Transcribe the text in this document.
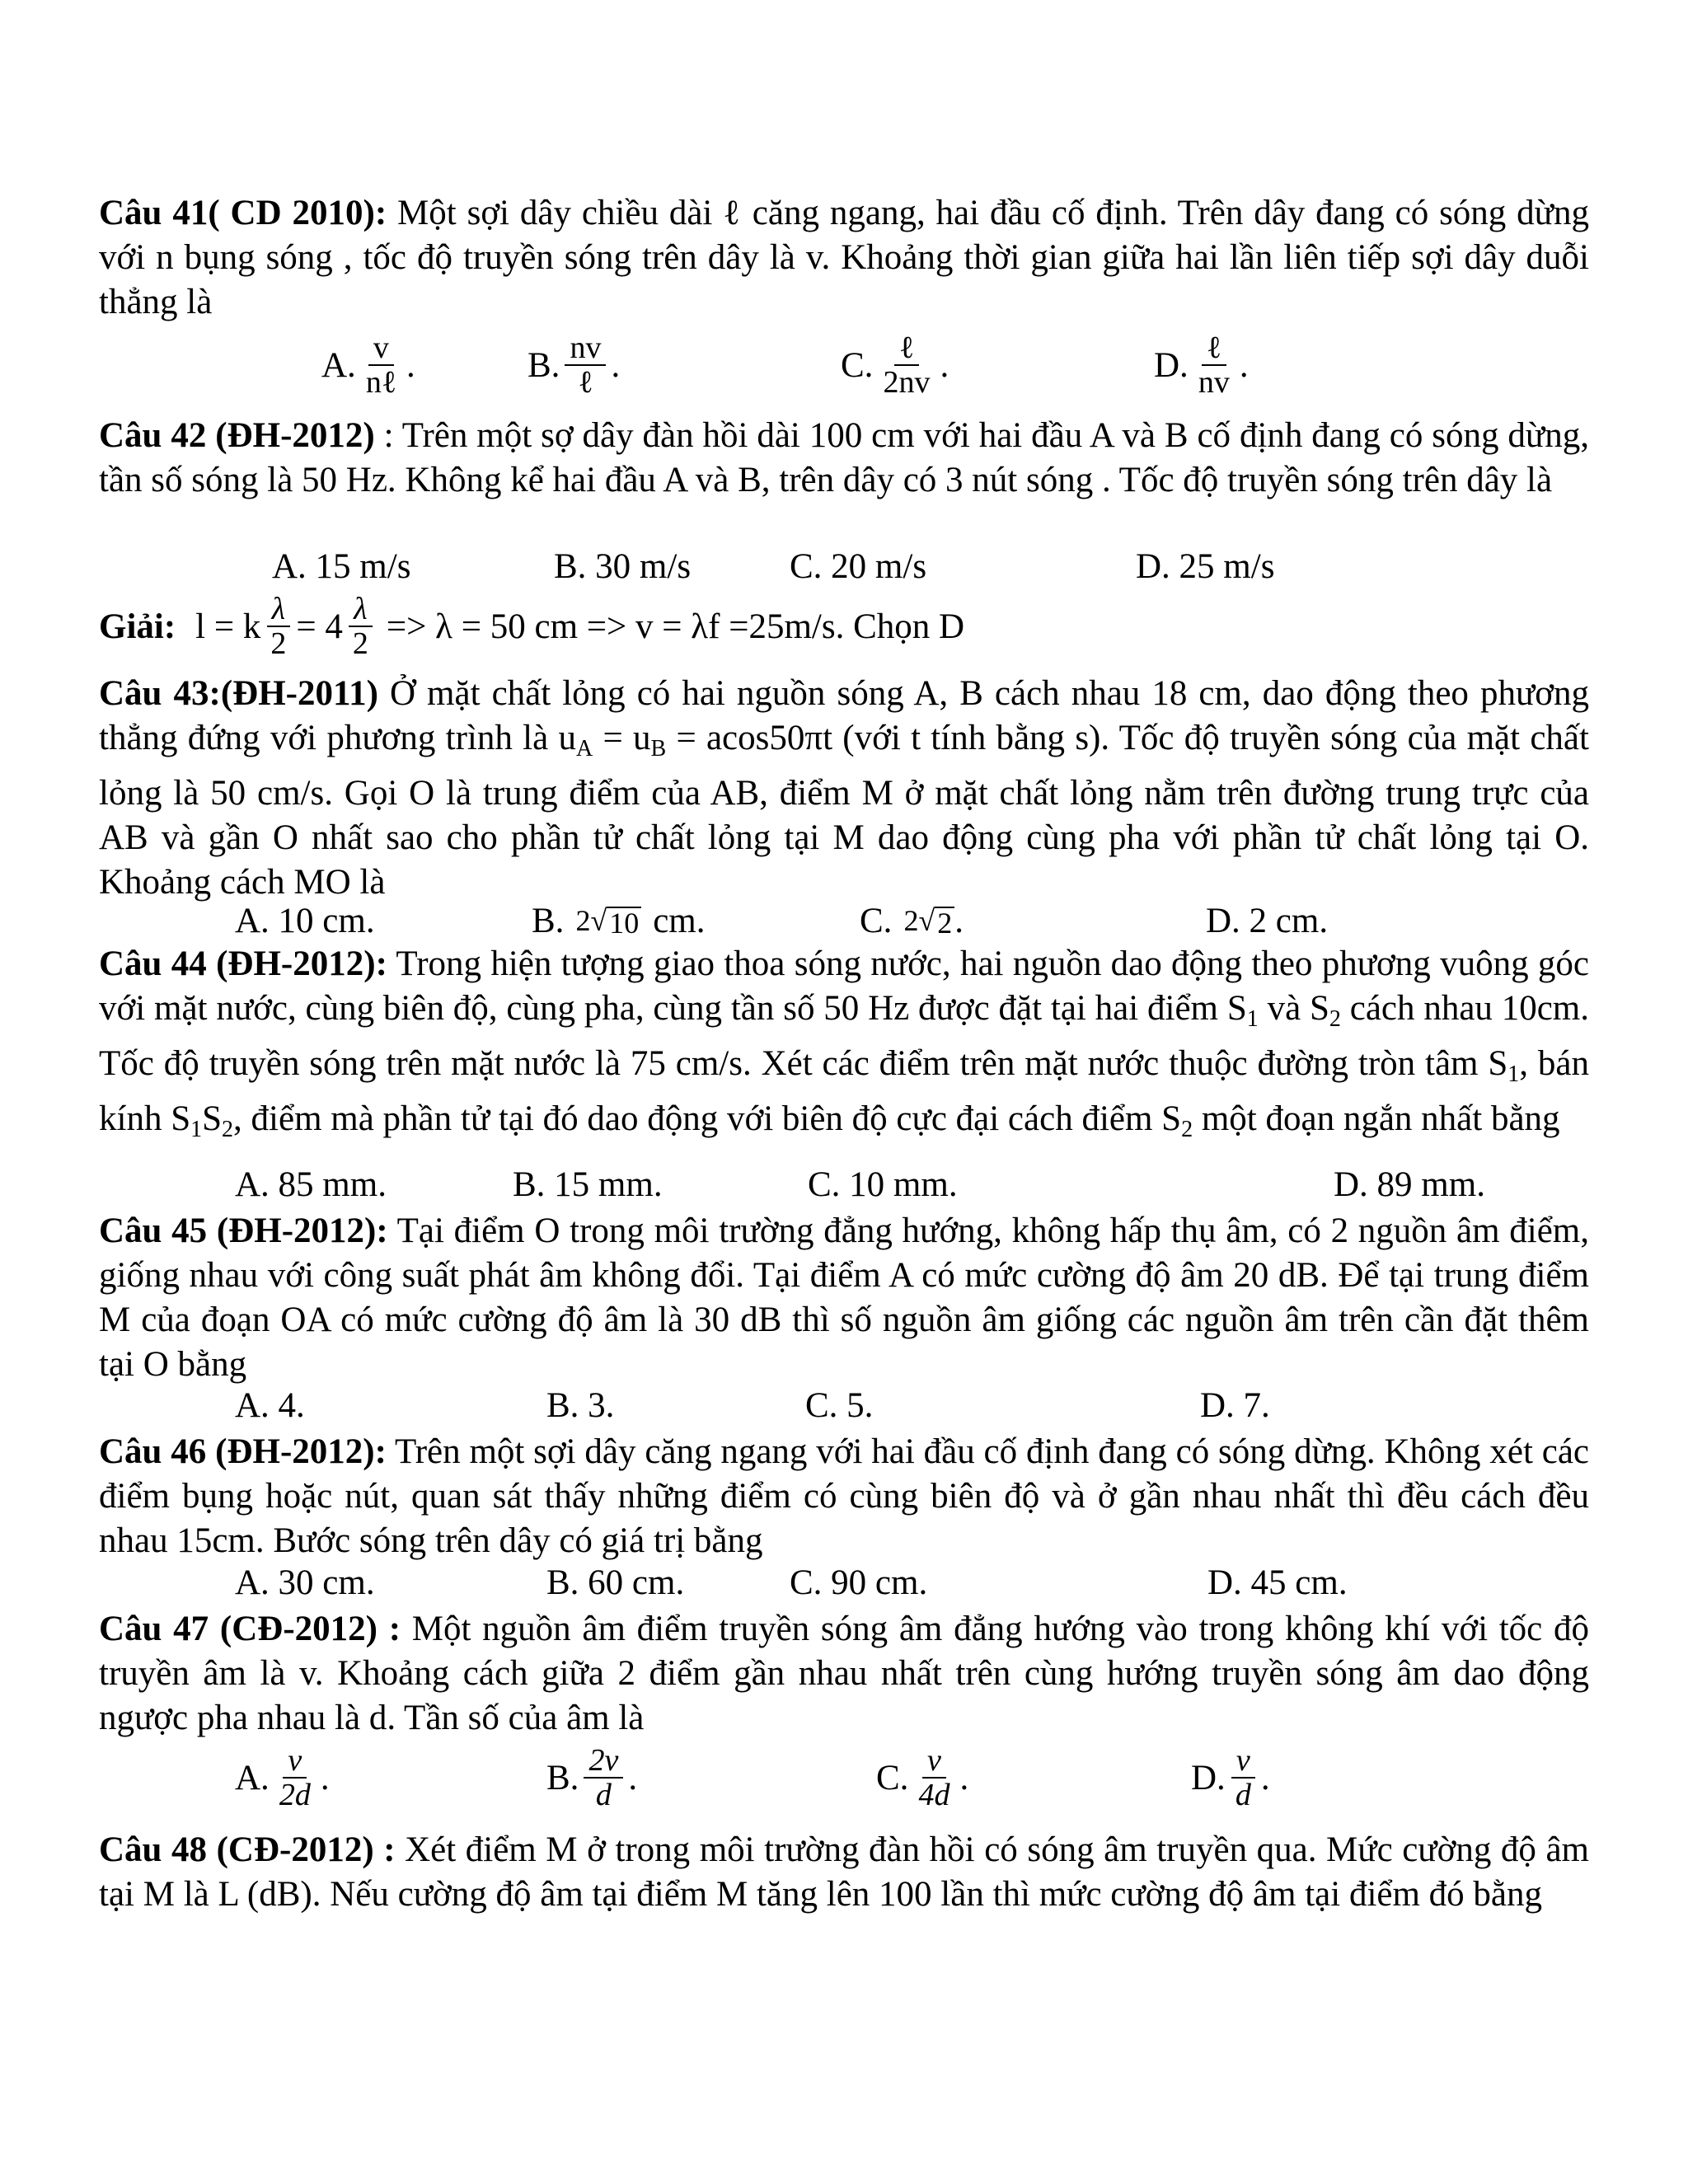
Câu 41( CD 2010): Một sợi dây chiều dài ℓ căng ngang, hai đầu cố định. Trên dây đang có sóng dừng với n bụng sóng , tốc độ truyền sóng trên dây là v. Khoảng thời gian giữa hai lần liên tiếp sợi dây duỗi thẳng là
A. $\frac{v}{\text{nℓ}}$ .	B. $\frac{nv}{\text{ℓ}}$ .	C. $\frac{\text{ℓ}}{2nv}$ .	D. $\frac{\text{ℓ}}{nv}$ .
Câu 42 (ĐH-2012) : Trên một sợ dây đàn hồi dài 100 cm với hai đầu A và B cố định đang có sóng dừng, tần số sóng là 50 Hz. Không kể hai đầu A và B, trên dây có 3 nút sóng . Tốc độ truyền sóng trên dây là
A. 15 m/s	B. 30 m/s	C. 20 m/s	D. 25 m/s
Giải: l = k $\frac{\lambda}{2} = 4 \frac{\lambda}{2} => \lambda = 50$ cm => v = λf =25m/s. Chọn D
Câu 43:(ĐH-2011) Ở mặt chất lỏng có hai nguồn sóng A, B cách nhau 18 cm, dao động theo phương thẳng đứng với phương trình là $u_A = u_B = acos50\pi t$ (với t tính bằng s). Tốc độ truyền sóng của mặt chất lỏng là 50 cm/s. Gọi O là trung điểm của AB, điểm M ở mặt chất lỏng nằm trên đường trung trực của AB và gần O nhất sao cho phần tử chất lỏng tại M dao động cùng pha với phần tử chất lỏng tại O. Khoảng cách MO là
A. 10 cm.	B. 2 √ 10 cm.	C. 2 √ 2 .	D. 2 cm.
Câu 44 (ĐH-2012): Trong hiện tượng giao thoa sóng nước, hai nguồn dao động theo phương vuông góc với mặt nước, cùng biên độ, cùng pha, cùng tần số 50 Hz được đặt tại hai điểm $S_1$ và $S_2$ cách nhau 10cm. Tốc độ truyền sóng trên mặt nước là 75 cm/s. Xét các điểm trên mặt nước thuộc đường tròn tâm $S_1$, bán kính $S_1S_2$, điểm mà phần tử tại đó dao động với biên độ cực đại cách điểm $S_2$ một đoạn ngắn nhất bằng
A. 85 mm.	B. 15 mm.	C. 10 mm.	D. 89 mm.
Câu 45 (ĐH-2012): Tại điểm O trong môi trường đẳng hướng, không hấp thụ âm, có 2 nguồn âm điểm, giống nhau với công suất phát âm không đổi. Tại điểm A có mức cường độ âm 20 dB. Để tại trung điểm M của đoạn OA có mức cường độ âm là 30 dB thì số nguồn âm giống các nguồn âm trên cần đặt thêm tại O bằng
A. 4.	B. 3.	C. 5.	D. 7.
Câu 46 (ĐH-2012): Trên một sợi dây căng ngang với hai đầu cố định đang có sóng dừng. Không xét các điểm bụng hoặc nút, quan sát thấy những điểm có cùng biên độ và ở gần nhau nhất thì đều cách đều nhau 15cm. Bước sóng trên dây có giá trị bằng
A. 30 cm.	B. 60 cm.	C. 90 cm.	D. 45 cm.
Câu 47 (CĐ-2012) : Một nguồn âm điểm truyền sóng âm đẳng hướng vào trong không khí với tốc độ truyền âm là v. Khoảng cách giữa 2 điểm gần nhau nhất trên cùng hướng truyền sóng âm dao động ngược pha nhau là d. Tần số của âm là
A. $\frac{v}{2d}$ .	B. $\frac{2v}{d}$ .	C. $\frac{v}{4d}$ .	D. $\frac{v}{d}$ .
Câu 48 (CĐ-2012) : Xét điểm M ở trong môi trường đàn hồi có sóng âm truyền qua. Mức cường độ âm tại M là L (dB). Nếu cường độ âm tại điểm M tăng lên 100 lần thì mức cường độ âm tại điểm đó bằng
